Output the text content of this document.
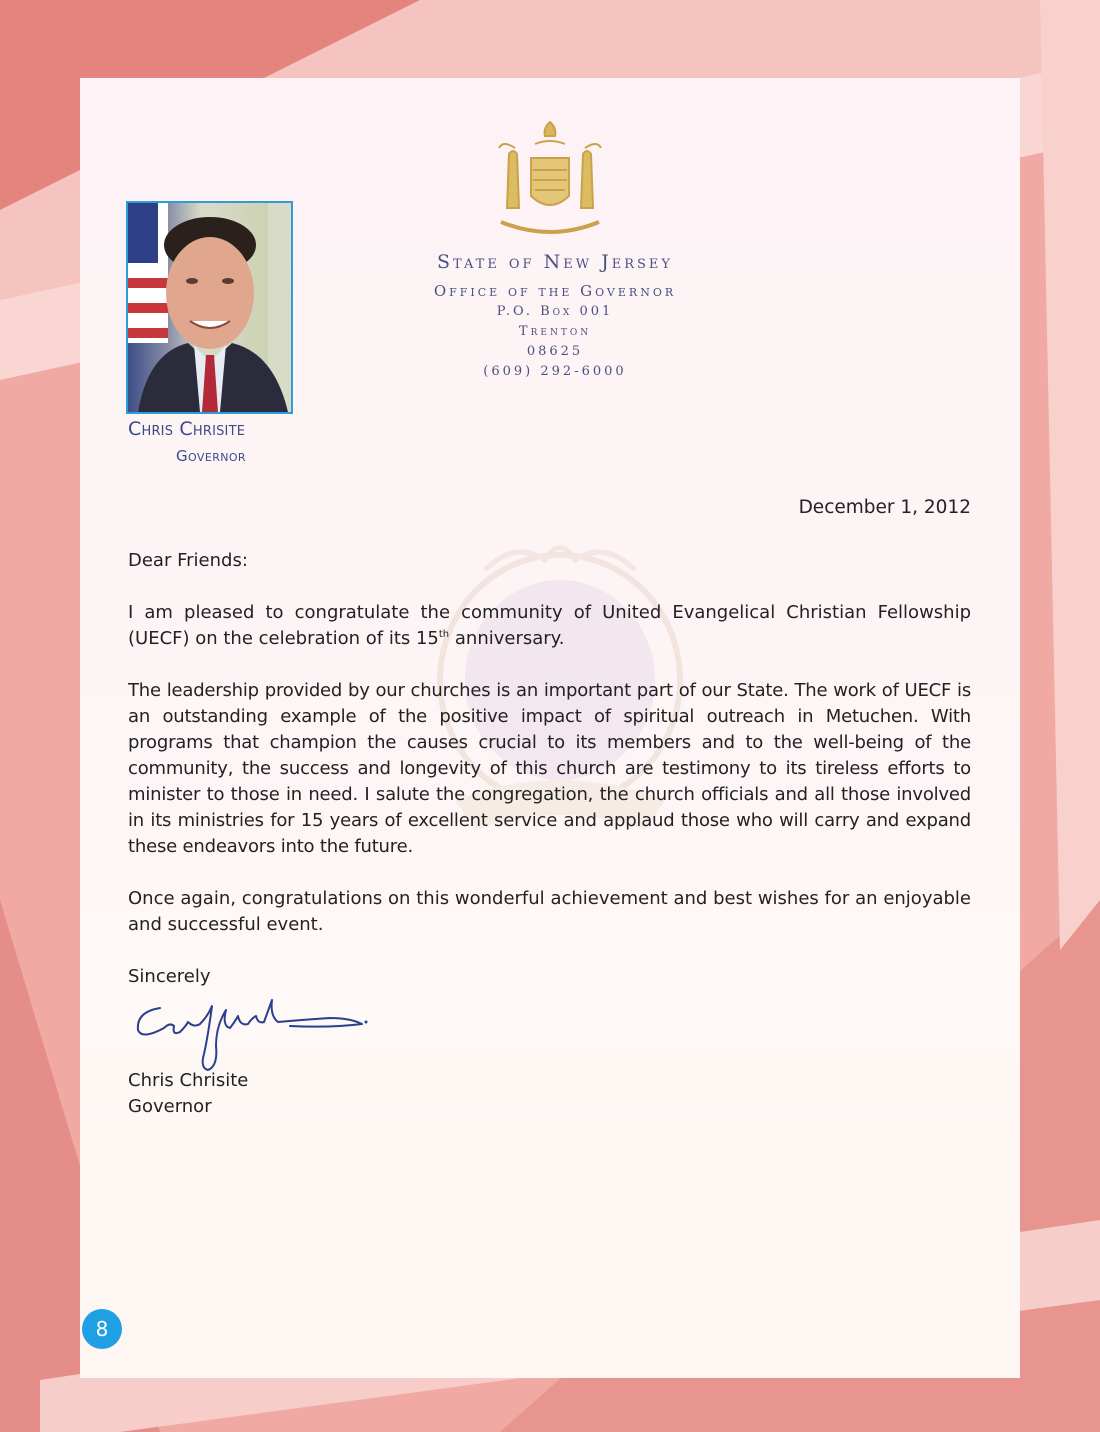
Chris Chrisite
Governor
State of New Jersey
Office of the Governor
P.O. Box 001
Trenton
08625
(609) 292-6000
December 1, 2012
Dear Friends:
I am pleased to congratulate the community of United Evangelical Christian Fellowship (UECF) on the celebration of its 15th anniversary.
The leadership provided by our churches is an important part of our State. The work of UECF is an outstanding example of the positive impact of spiritual outreach in Metuchen. With programs that champion the causes crucial to its members and to the well-being of the community, the success and longevity of this church are testimony to its tireless efforts to minister to those in need. I salute the congregation, the church officials and all those involved in its ministries for 15 years of excellent service and applaud those who will carry and expand these endeavors into the future.
Once again, congratulations on this wonderful achievement and best wishes for an enjoyable and successful event.
Sincerely
Chris Chrisite
Governor
8
